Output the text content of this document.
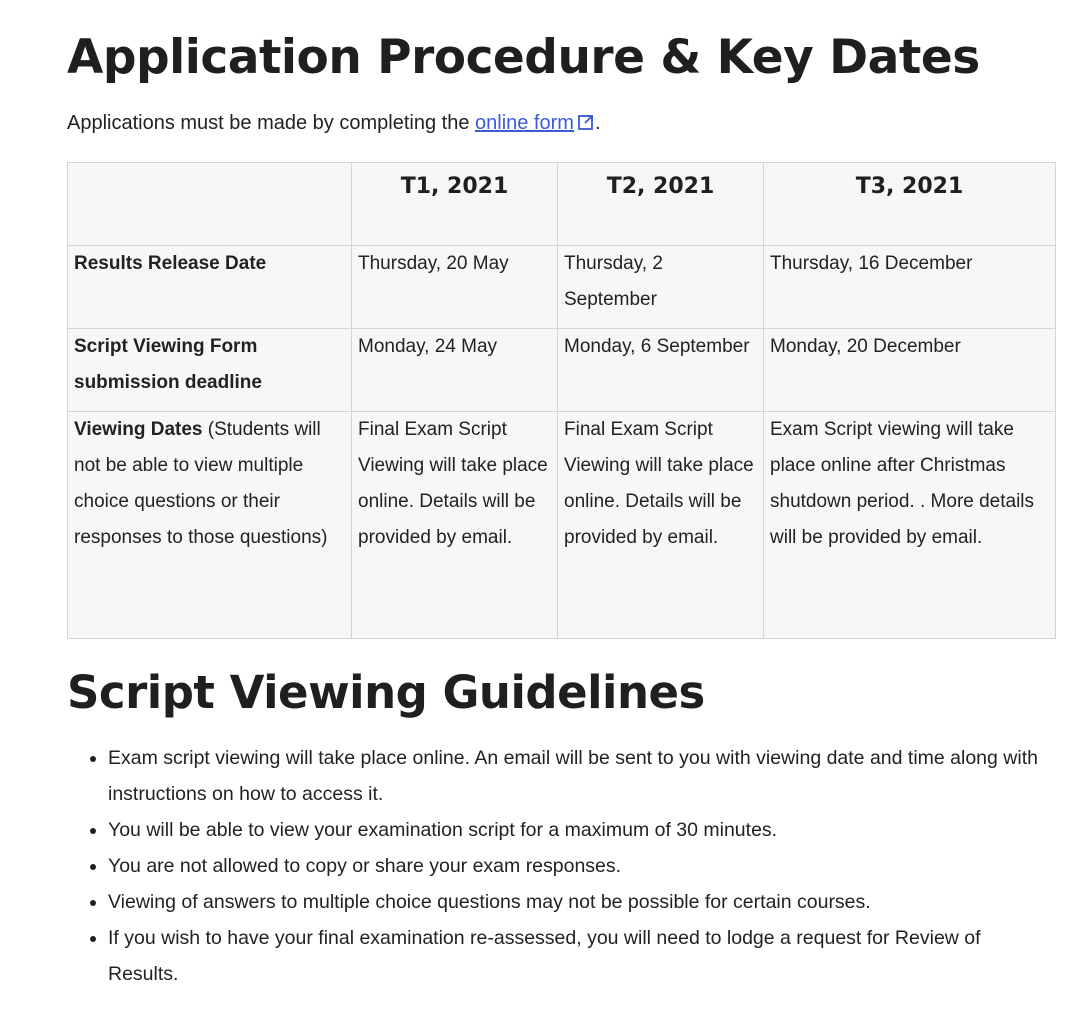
Application Procedure & Key Dates

Applications must be made by completing the online form .

	T1, 2021	T2, 2021	T3, 2021
Results Release Date	Thursday, 20 May	Thursday, 2 September	Thursday, 16 December
Script Viewing Form submission deadline	Monday, 24 May	Monday, 6 September	Monday, 20 December
Viewing Dates (Students will not be able to view multiple choice questions or their responses to those questions)	Final Exam Script Viewing will take place online. Details will be provided by email.	Final Exam Script Viewing will take place online. Details will be provided by email.	Exam Script viewing will take place online after Christmas shutdown period. . More details will be provided by email.
Script Viewing Guidelines
• Exam script viewing will take place online. An email will be sent to you with viewing date and time along with instructions on how to access it.
• You will be able to view your examination script for a maximum of 30 minutes.
• You are not allowed to copy or share your exam responses.
• Viewing of answers to multiple choice questions may not be possible for certain courses.
• If you wish to have your final examination re-assessed, you will need to lodge a request for Review of Results.
